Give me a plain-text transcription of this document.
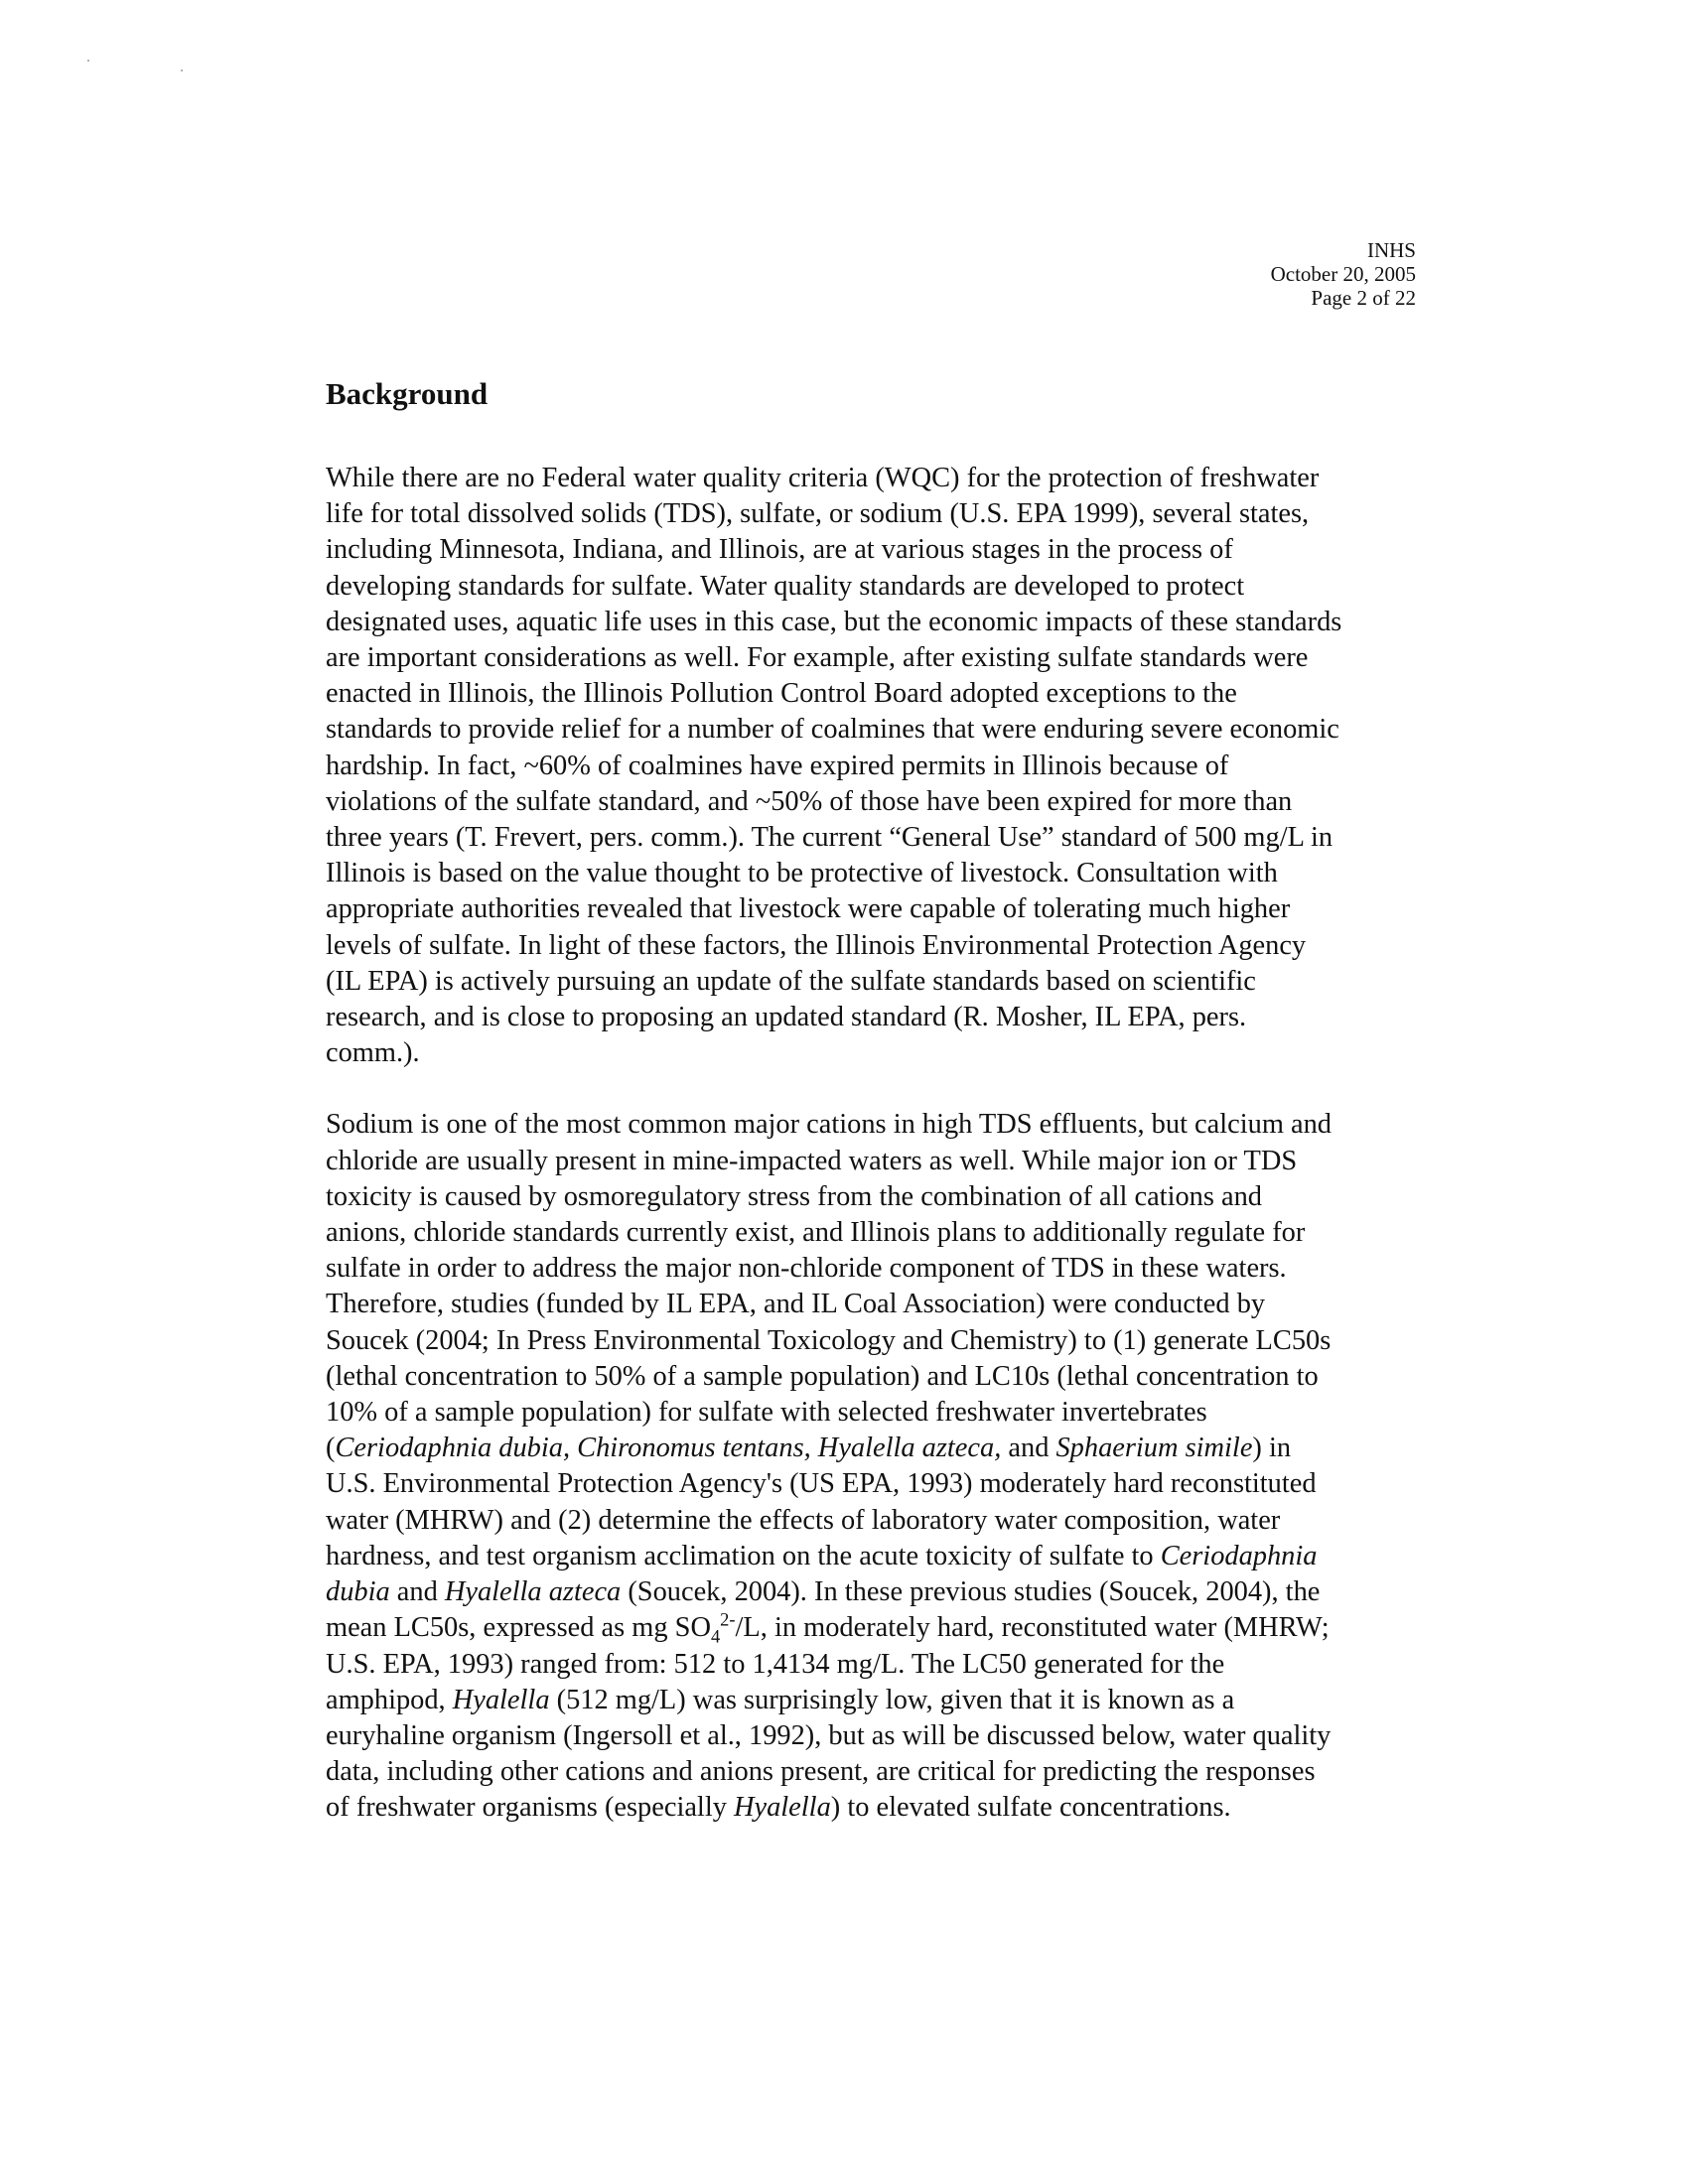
INHS
October 20, 2005
Page 2 of 22
Background

While there are no Federal water quality criteria (WQC) for the protection of freshwater
life for total dissolved solids (TDS), sulfate, or sodium (U.S. EPA 1999), several states,
including Minnesota, Indiana, and Illinois, are at various stages in the process of
developing standards for sulfate. Water quality standards are developed to protect
designated uses, aquatic life uses in this case, but the economic impacts of these standards
are important considerations as well. For example, after existing sulfate standards were
enacted in Illinois, the Illinois Pollution Control Board adopted exceptions to the
standards to provide relief for a number of coalmines that were enduring severe economic
hardship. In fact, ~60% of coalmines have expired permits in Illinois because of
violations of the sulfate standard, and ~50% of those have been expired for more than
three years (T. Frevert, pers. comm.). The current “General Use” standard of 500 mg/L in
Illinois is based on the value thought to be protective of livestock. Consultation with
appropriate authorities revealed that livestock were capable of tolerating much higher
levels of sulfate. In light of these factors, the Illinois Environmental Protection Agency
(IL EPA) is actively pursuing an update of the sulfate standards based on scientific
research, and is close to proposing an updated standard (R. Mosher, IL EPA, pers.
comm.).

Sodium is one of the most common major cations in high TDS effluents, but calcium and
chloride are usually present in mine-impacted waters as well. While major ion or TDS
toxicity is caused by osmoregulatory stress from the combination of all cations and
anions, chloride standards currently exist, and Illinois plans to additionally regulate for
sulfate in order to address the major non-chloride component of TDS in these waters.
Therefore, studies (funded by IL EPA, and IL Coal Association) were conducted by
Soucek (2004; In Press Environmental Toxicology and Chemistry) to (1) generate LC50s
(lethal concentration to 50% of a sample population) and LC10s (lethal concentration to
10% of a sample population) for sulfate with selected freshwater invertebrates
(Ceriodaphnia dubia, Chironomus tentans, Hyalella azteca, and Sphaerium simile) in
U.S. Environmental Protection Agency's (US EPA, 1993) moderately hard reconstituted
water (MHRW) and (2) determine the effects of laboratory water composition, water
hardness, and test organism acclimation on the acute toxicity of sulfate to Ceriodaphnia
dubia and Hyalella azteca (Soucek, 2004). In these previous studies (Soucek, 2004), the
mean LC50s, expressed as mg $SO_4^{2-}/L$, in moderately hard, reconstituted water (MHRW;
U.S. EPA, 1993) ranged from: 512 to 1,4134 mg/L. The LC50 generated for the
amphipod, Hyalella (512 mg/L) was surprisingly low, given that it is known as a
euryhaline organism (Ingersoll et al., 1992), but as will be discussed below, water quality
data, including other cations and anions present, are critical for predicting the responses
of freshwater organisms (especially Hyalella) to elevated sulfate concentrations.
